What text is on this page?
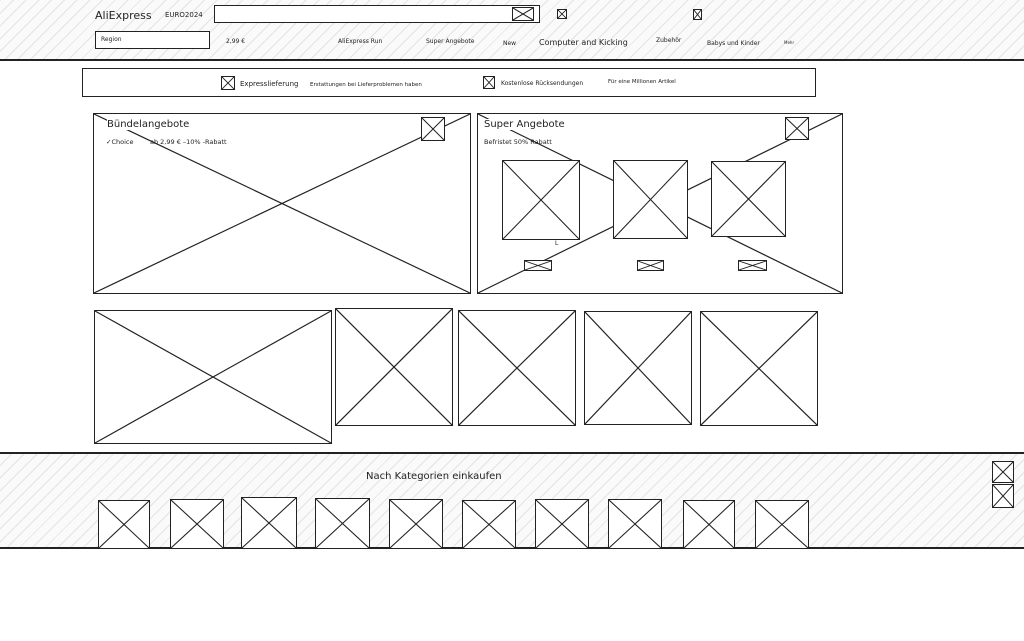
AliExpress EURO2024
Region	2,99 €	AliExpress Run	Super Angebote	New	Computer and Kicking	Zubehör	Babys und Kinder	Mehr
Expresslieferung Erstattungen bei Lieferproblemen haben	Kostenlose Rücksendungen	Für eine Millionen Artikel
Bündelangebote
✓Choice	ab 2,99 € –10% -Rabatt
Super Angebote
Befristet 50% Rabatt
L
Nach Kategorien einkaufen
